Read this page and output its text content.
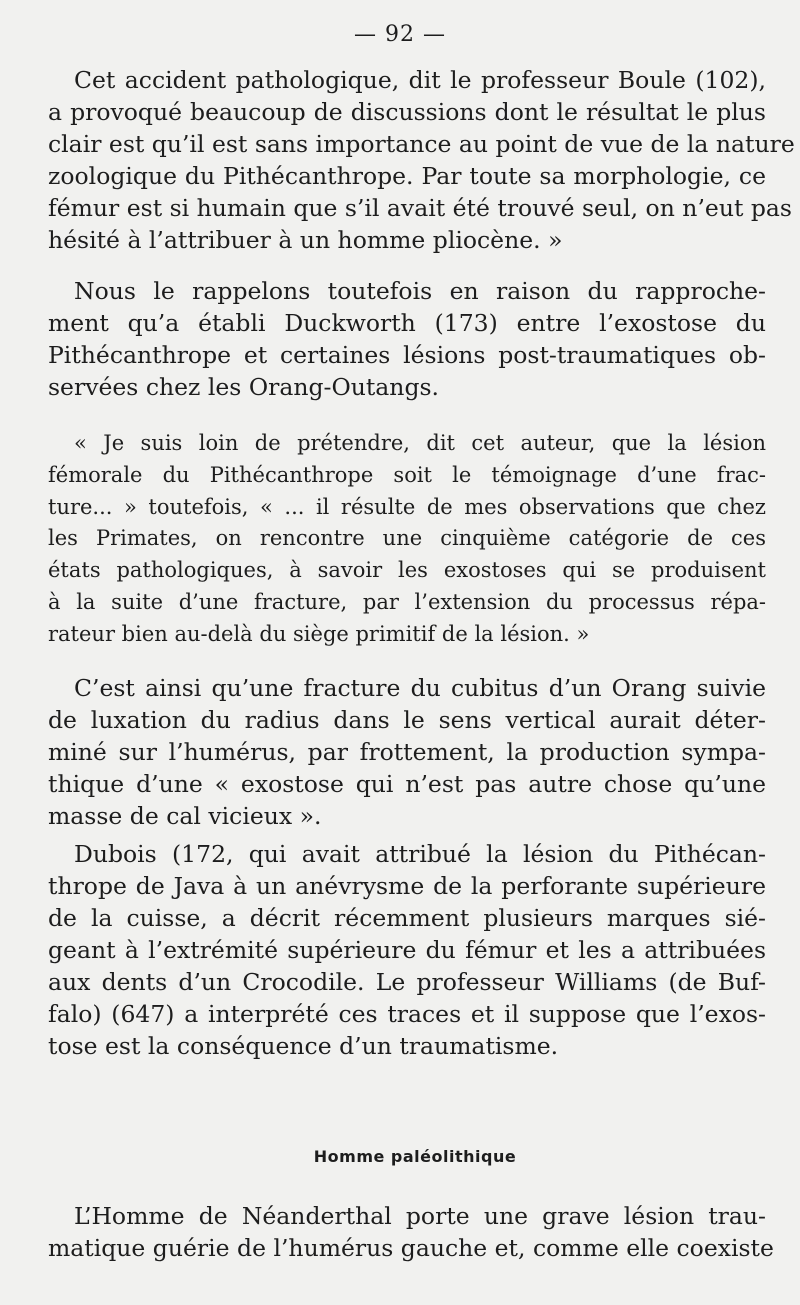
— 92 —
Cet accident pathologique, dit le professeur Boule (102),
a provoqué beaucoup de discussions dont le résultat le plus
clair est qu’il est sans importance au point de vue de la nature
zoologique du Pithécanthrope. Par toute sa morphologie, ce
fémur est si humain que s’il avait été trouvé seul, on n’eut pas
hésité à l’attribuer à un homme pliocène. »
Nous le rappelons toutefois en raison du rapproche-
ment qu’a établi Duckworth (173) entre l’exostose du
Pithécanthrope et certaines lésions post-traumatiques ob-
servées chez les Orang-Outangs.
« Je suis loin de prétendre, dit cet auteur, que la lésion
fémorale du Pithécanthrope soit le témoignage d’une frac-
ture... » toutefois, « ... il résulte de mes observations que chez
les Primates, on rencontre une cinquième catégorie de ces
états pathologiques, à savoir les exostoses qui se produisent
à la suite d’une fracture, par l’extension du processus répa-
rateur bien au-delà du siège primitif de la lésion. »
C’est ainsi qu’une fracture du cubitus d’un Orang suivie
de luxation du radius dans le sens vertical aurait déter-
miné sur l’humérus, par frottement, la production sympa-
thique d’une « exostose qui n’est pas autre chose qu’une
masse de cal vicieux ».
Dubois (172, qui avait attribué la lésion du Pithécan-
thrope de Java à un anévrysme de la perforante supérieure
de la cuisse, a décrit récemment plusieurs marques sié-
geant à l’extrémité supérieure du fémur et les a attribuées
aux dents d’un Crocodile. Le professeur Williams (de Buf-
falo) (647) a interprété ces traces et il suppose que l’exos-
tose est la conséquence d’un traumatisme.
Homme paléolithique
L’Homme de Néanderthal porte une grave lésion trau-
matique guérie de l’humérus gauche et, comme elle coexiste
